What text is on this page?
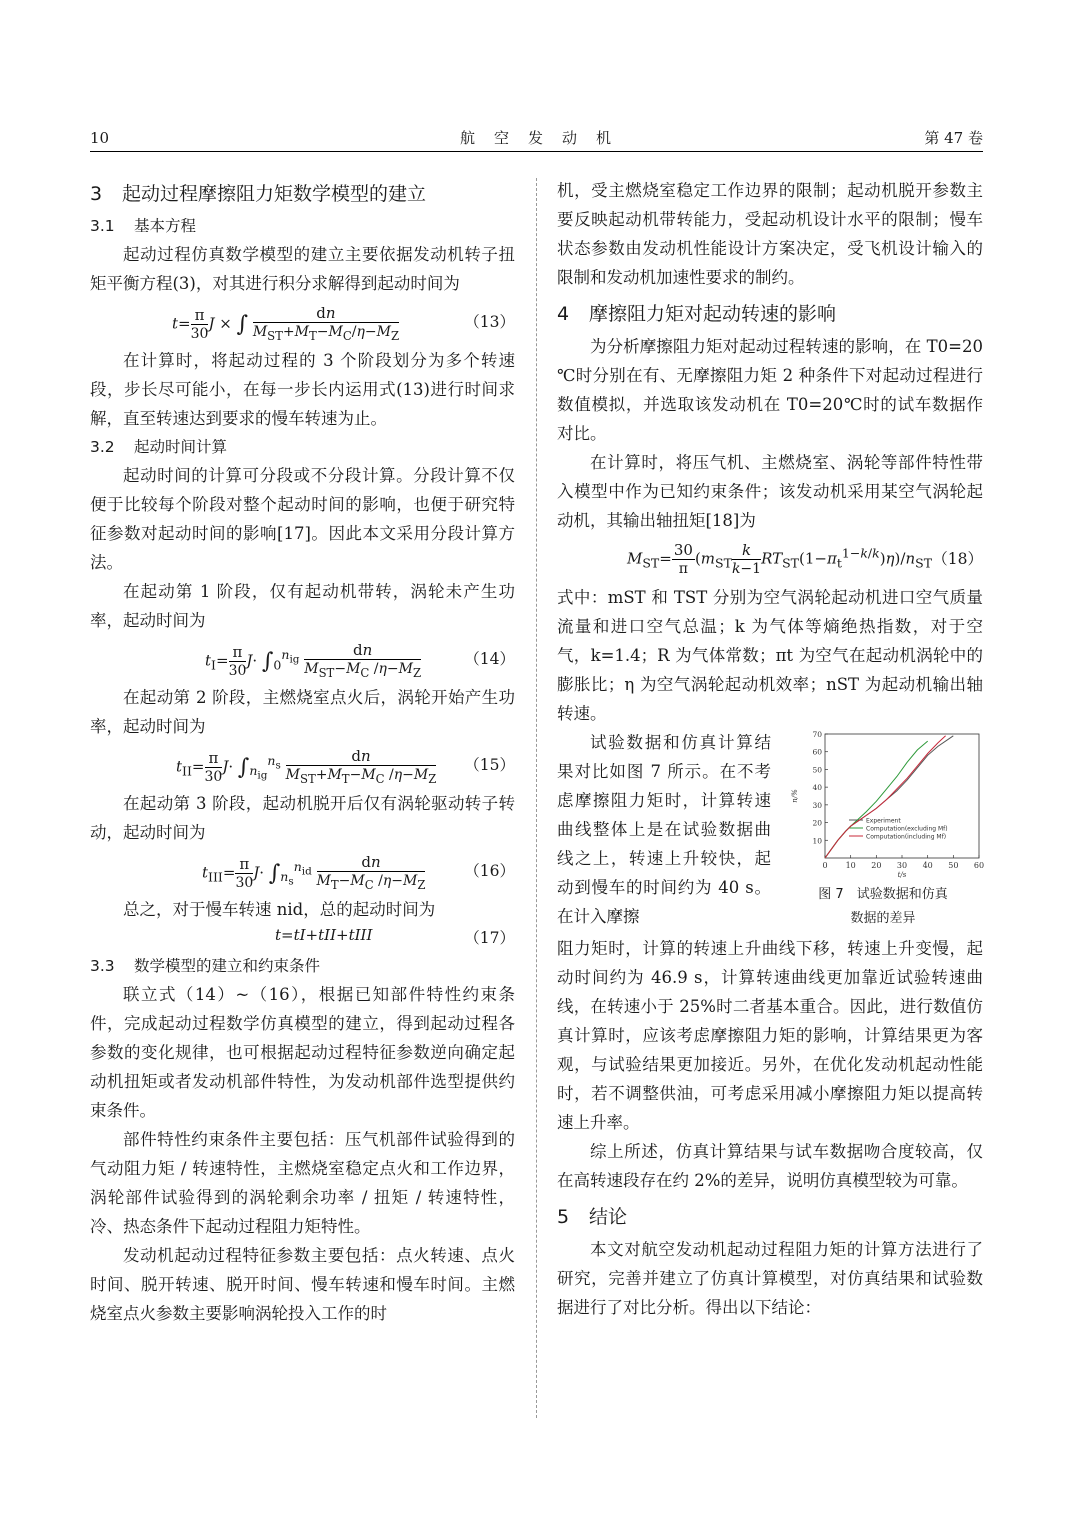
10	航　空　发　动　机	第 47 卷
3 起动过程摩擦阻力矩数学模型的建立
3.1 基本方程

起动过程仿真数学模型的建立主要依据发动机转子扭矩平衡方程(3)，对其进行积分求解得到起动时间为

$t= \frac{\pi}{30}$ J × ∫ $\frac{dn}{M_{ST}+M_T-M_C/\eta-M_Z}$	（13）

在计算时，将起动过程的 3 个阶段划分为多个转速段，步长尽可能小，在每一步长内运用式(13)进行时间求解，直至转速达到要求的慢车转速为止。

3.2 起动时间计算

起动时间的计算可分段或不分段计算。分段计算不仅便于比较每个阶段对整个起动时间的影响，也便于研究特征参数对起动时间的影响[17]。因此本文采用分段计算方法。

在起动第 1 阶段，仅有起动机带转，涡轮未产生功率，起动时间为

$t_I= \frac{\pi}{30} J\cdot \int_0^{n_{ig}} \frac{dn}{M_{ST}-M_C /\eta-M_Z}$	（14）

在起动第 2 阶段，主燃烧室点火后，涡轮开始产生功率，起动时间为

$t_{II}= \frac{\pi}{30} J\cdot \int_{n_{ig}}^{n_s} \frac{dn}{M_{ST}+M_T-M_C /\eta-M_Z} (15)$

在起动第 3 阶段，起动机脱开后仅有涡轮驱动转子转动，起动时间为

$t_{III}= \frac{\pi}{30} J\cdot \int_{n_s}^{n_{id}} \frac{dn}{M_T-M_C /\eta-M_Z}$	（16）

总之，对于慢车转速 nid，总的起动时间为

t=tI+tII+tIII	（17）
3.3 数学模型的建立和约束条件

联立式（14）~（16），根据已知部件特性约束条件，完成起动过程数学仿真模型的建立，得到起动过程各参数的变化规律，也可根据起动过程特征参数逆向确定起动机扭矩或者发动机部件特性，为发动机部件选型提供约束条件。

部件特性约束条件主要包括：压气机部件试验得到的气动阻力矩 / 转速特性，主燃烧室稳定点火和工作边界，涡轮部件试验得到的涡轮剩余功率 / 扭矩 / 转速特性，冷、热态条件下起动过程阻力矩特性。

发动机起动过程特征参数主要包括：点火转速、点火时间、脱开转速、脱开时间、慢车转速和慢车时间。主燃烧室点火参数主要影响涡轮投入工作的时

机，受主燃烧室稳定工作边界的限制；起动机脱开参数主要反映起动机带转能力，受起动机设计水平的限制；慢车状态参数由发动机性能设计方案决定，受飞机设计输入的限制和发动机加速性要求的制约。

4 摩擦阻力矩对起动转速的影响

为分析摩擦阻力矩对起动过程转速的影响，在 T0=20 ℃时分别在有、无摩擦阻力矩 2 种条件下对起动过程进行数值模拟，并选取该发动机在 T0=20℃时的试车数据作对比。

在计算时，将压气机、主燃烧室、涡轮等部件特性带入模型中作为已知约束条件；该发动机采用某空气涡轮起动机，其输出轴扭矩[18]为

$M_{ST}= \frac{30}{\pi} (m_{ST} \frac{k}{k-1} RT_{ST}(1-\pi_t^{1-k/k})\eta)/n_{ST}$ （18）

式中：mST 和 TST 分别为空气涡轮起动机进口空气质量流量和进口空气总温；k 为气体等熵绝热指数，对于空气，k=1.4；R 为气体常数；πt 为空气在起动机涡轮中的膨胀比；η 为空气涡轮起动机效率；nST 为起动机输出轴转速。

试验数据和仿真计算结果对比如图 7 所示。在不考虑摩擦阻力矩时，计算转速曲线整体上是在试验数据曲线之上，转速上升较快，起动到慢车的时间约为 40 s。在计入摩擦

0 10 20 30 40 50 60
10
20
30
40
50
60
70
t/s
n/%
Experiment
Computation(excluding Mf)
Computation(including Mf)
图 7　试验数据和仿真
数据的差异

阻力矩时，计算的转速上升曲线下移，转速上升变慢，起动时间约为 46.9 s，计算转速曲线更加靠近试验转速曲线，在转速小于 25%时二者基本重合。因此，进行数值仿真计算时，应该考虑摩擦阻力矩的影响，计算结果更为客观，与试验结果更加接近。另外，在优化发动机起动性能时，若不调整供油，可考虑采用减小摩擦阻力矩以提高转速上升率。

综上所述，仿真计算结果与试车数据吻合度较高，仅在高转速段存在约 2%的差异，说明仿真模型较为可靠。

5 结论

本文对航空发动机起动过程阻力矩的计算方法进行了研究，完善并建立了仿真计算模型，对仿真结果和试验数据进行了对比分析。得出以下结论：
